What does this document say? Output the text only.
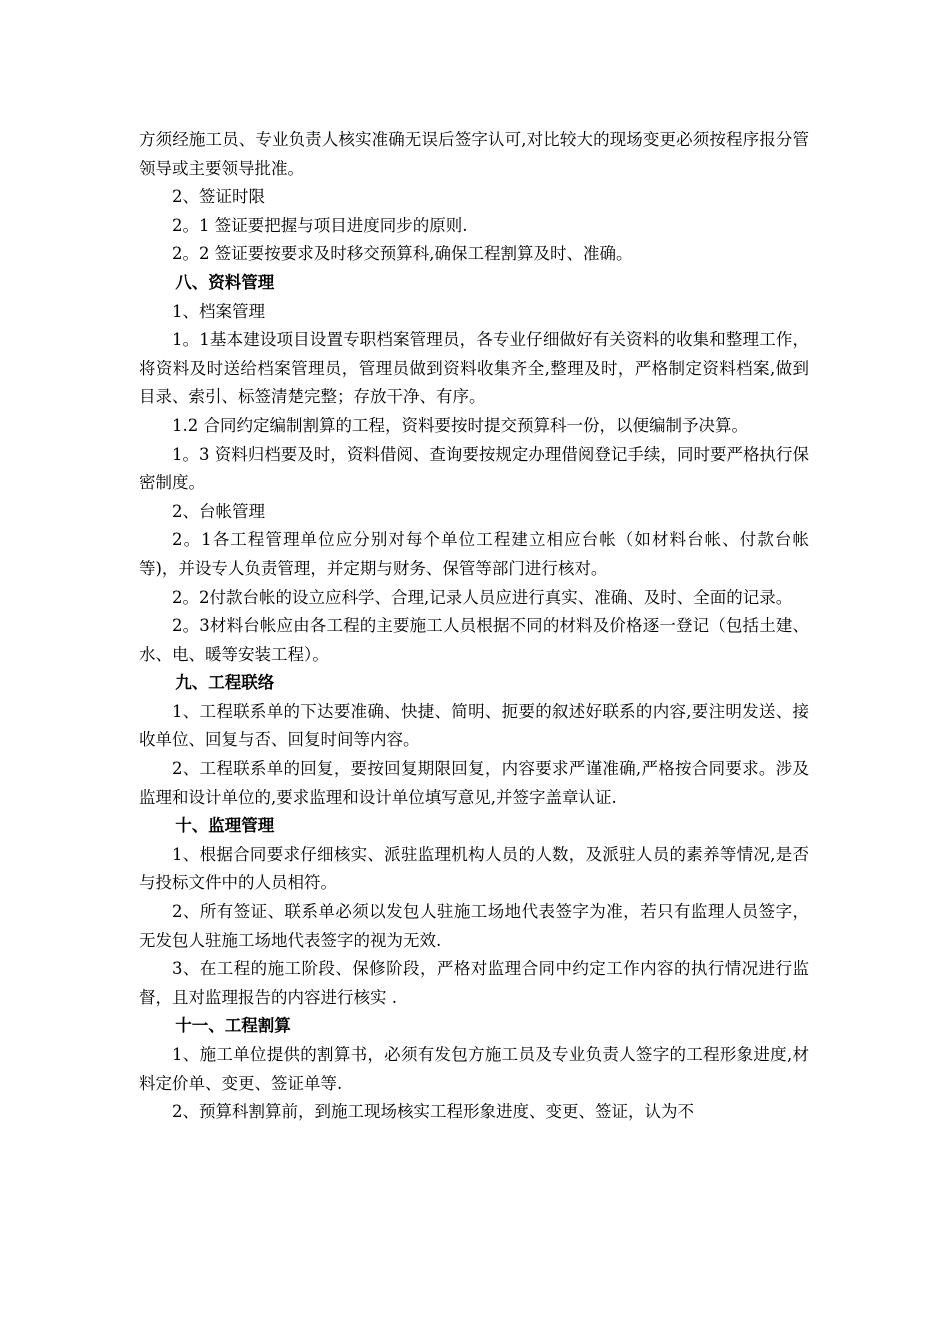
方须经施工员、专业负责人核实准确无误后签字认可,对比较大的现场变更必须按程序报分管领导或主要领导批准。
2、签证时限
2。1 签证要把握与项目进度同步的原则.
2。2 签证要按要求及时移交预算科,确保工程割算及时、准确。
八、资料管理
1、档案管理
1。1基本建设项目设置专职档案管理员，各专业仔细做好有关资料的收集和整理工作，将资料及时送给档案管理员，管理员做到资料收集齐全,整理及时，严格制定资料档案,做到目录、索引、标签清楚完整；存放干净、有序。
1.2 合同约定编制割算的工程，资料要按时提交预算科一份，以便编制予决算。
1。3 资料归档要及时，资料借阅、查询要按规定办理借阅登记手续，同时要严格执行保密制度。
2、台帐管理
2。1各工程管理单位应分别对每个单位工程建立相应台帐（如材料台帐、付款台帐等)，并设专人负责管理，并定期与财务、保管等部门进行核对。
2。2付款台帐的设立应科学、合理,记录人员应进行真实、准确、及时、全面的记录。
2。3材料台帐应由各工程的主要施工人员根据不同的材料及价格逐一登记（包括土建、水、电、暖等安装工程）。
九、工程联络
1、工程联系单的下达要准确、快捷、简明、扼要的叙述好联系的内容,要注明发送、接收单位、回复与否、回复时间等内容。
2、工程联系单的回复，要按回复期限回复，内容要求严谨准确,严格按合同要求。涉及监理和设计单位的,要求监理和设计单位填写意见,并签字盖章认证.
十、监理管理
1、根据合同要求仔细核实、派驻监理机构人员的人数，及派驻人员的素养等情况,是否与投标文件中的人员相符。
2、所有签证、联系单必须以发包人驻施工场地代表签字为准，若只有监理人员签字，无发包人驻施工场地代表签字的视为无效.
3、在工程的施工阶段、保修阶段，严格对监理合同中约定工作内容的执行情况进行监督，且对监理报告的内容进行核实 .
十一、工程割算
1、施工单位提供的割算书，必须有发包方施工员及专业负责人签字的工程形象进度,材料定价单、变更、签证单等.
2、预算科割算前，到施工现场核实工程形象进度、变更、签证，认为不
